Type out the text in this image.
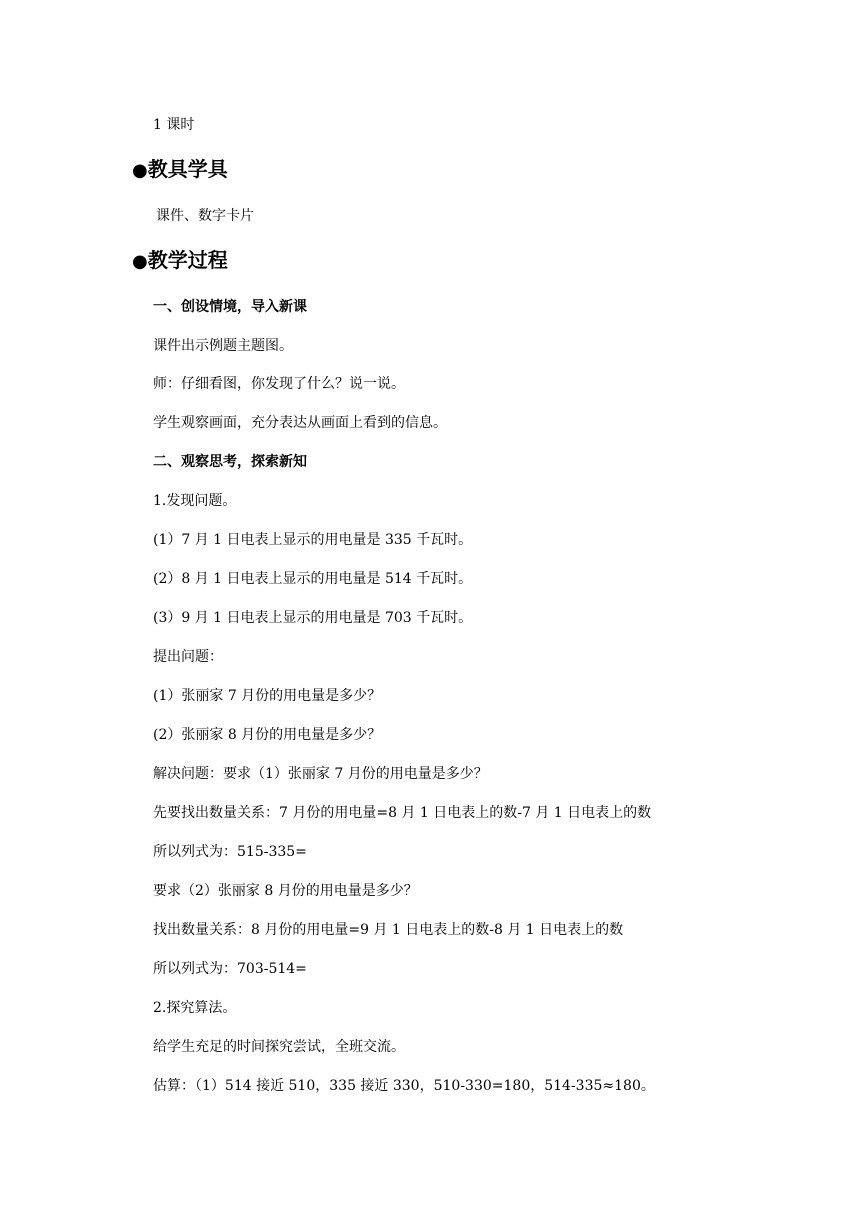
1 课时
●教具学具
课件、数字卡片
●教学过程
一、创设情境，导入新课
课件出示例题主题图。
师：仔细看图，你发现了什么？说一说。
学生观察画面，充分表达从画面上看到的信息。
二、观察思考，探索新知
1.发现问题。
(1）7 月 1 日电表上显示的用电量是 335 千瓦时。
(2）8 月 1 日电表上显示的用电量是 514 千瓦时。
(3）9 月 1 日电表上显示的用电量是 703 千瓦时。
提出问题：
(1）张丽家 7 月份的用电量是多少？
(2）张丽家 8 月份的用电量是多少？
解决问题：要求（1）张丽家 7 月份的用电量是多少？
先要找出数量关系：7 月份的用电量=8 月 1 日电表上的数-7 月 1 日电表上的数
所以列式为：515-335=
要求（2）张丽家 8 月份的用电量是多少？
找出数量关系：8 月份的用电量=9 月 1 日电表上的数-8 月 1 日电表上的数
所以列式为：703-514=
2.探究算法。
给学生充足的时间探究尝试，全班交流。
估算：（1）514 接近 510，335 接近 330，510-330=180，514-335≈180。
